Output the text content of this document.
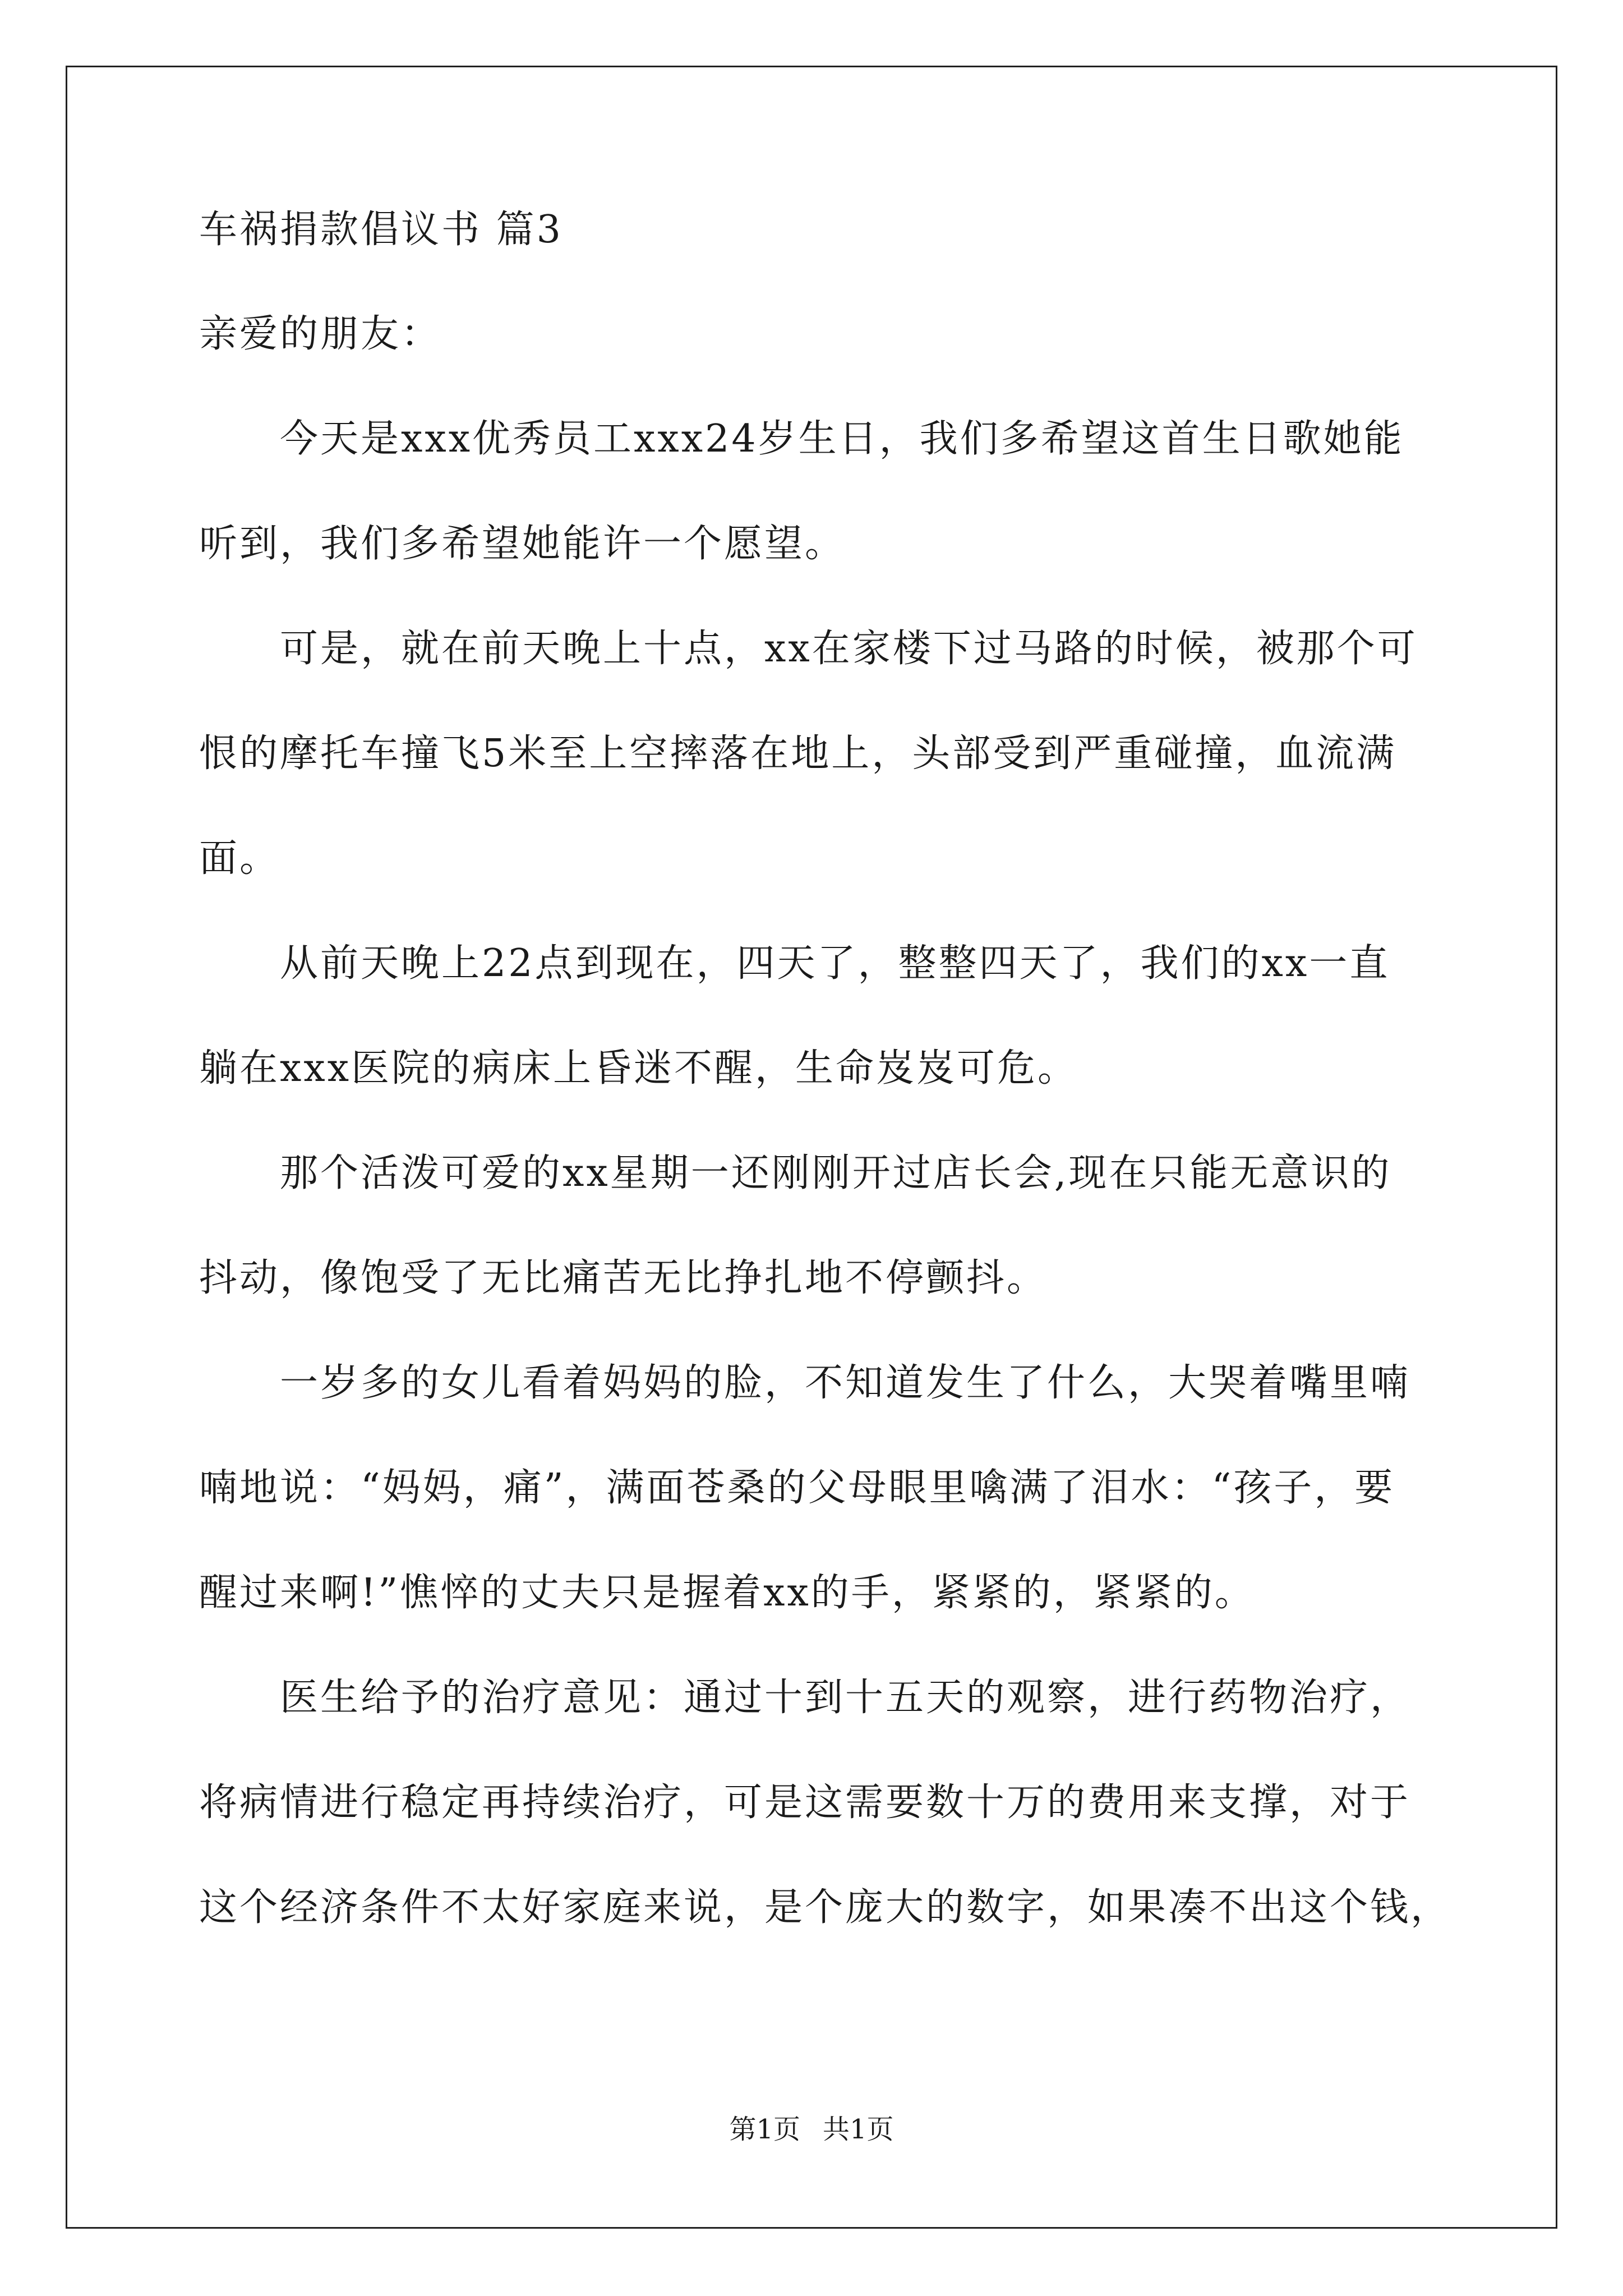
车祸捐款倡议书 篇3
亲爱的朋友：
今天是xxx优秀员工xxx24岁生日，我们多希望这首生日歌她能
听到，我们多希望她能许一个愿望。
可是，就在前天晚上十点，xx在家楼下过马路的时候，被那个可
恨的摩托车撞飞5米至上空摔落在地上，头部受到严重碰撞，血流满
面。
从前天晚上22点到现在，四天了，整整四天了，我们的xx一直
躺在xxx医院的病床上昏迷不醒，生命岌岌可危。
那个活泼可爱的xx星期一还刚刚开过店长会,现在只能无意识的
抖动，像饱受了无比痛苦无比挣扎地不停颤抖。
一岁多的女儿看着妈妈的脸，不知道发生了什么，大哭着嘴里喃
喃地说：“妈妈，痛”，满面苍桑的父母眼里噙满了泪水：“孩子，要
醒过来啊!”憔悴的丈夫只是握着xx的手，紧紧的，紧紧的。
医生给予的治疗意见：通过十到十五天的观察，进行药物治疗，
将病情进行稳定再持续治疗，可是这需要数十万的费用来支撑，对于
这个经济条件不太好家庭来说，是个庞大的数字，如果凑不出这个钱，
第1页 共1页
